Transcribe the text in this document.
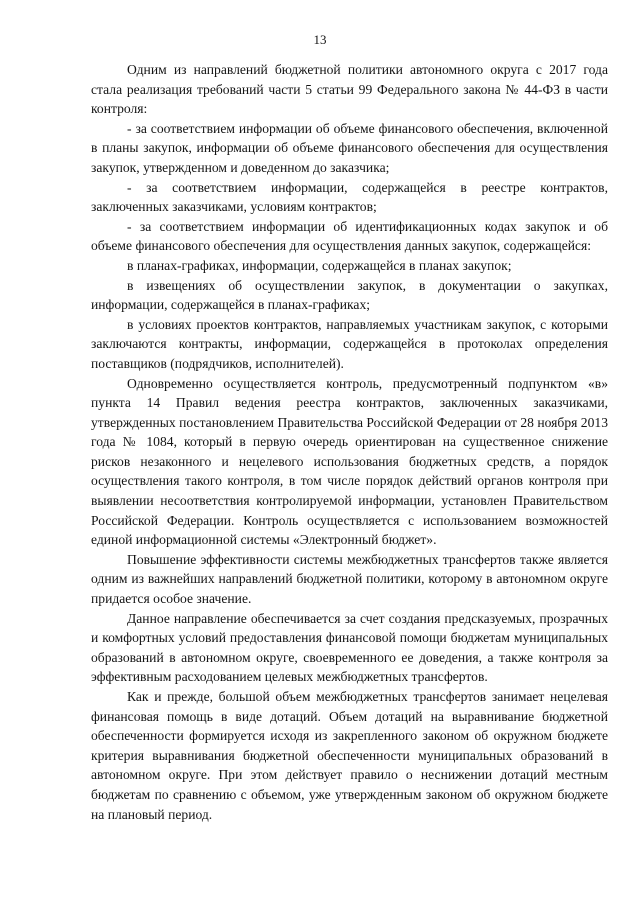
13

Одним из направлений бюджетной политики автономного округа с 2017 года стала реализация требований части 5 статьи 99 Федерального закона № 44-ФЗ в части контроля:

- за соответствием информации об объеме финансового обеспечения, включенной в планы закупок, информации об объеме финансового обеспечения для осуществления закупок, утвержденном и доведенном до заказчика;

- за соответствием информации, содержащейся в реестре контрактов, заключенных заказчиками, условиям контрактов;

- за соответствием информации об идентификационных кодах закупок и об объеме финансового обеспечения для осуществления данных закупок, содержащейся:

в планах-графиках, информации, содержащейся в планах закупок;

в извещениях об осуществлении закупок, в документации о закупках, информации, содержащейся в планах-графиках;

в условиях проектов контрактов, направляемых участникам закупок, с которыми заключаются контракты, информации, содержащейся в протоколах определения поставщиков (подрядчиков, исполнителей).

Одновременно осуществляется контроль, предусмотренный подпунктом «в» пункта 14 Правил ведения реестра контрактов, заключенных заказчиками, утвержденных постановлением Правительства Российской Федерации от 28 ноября 2013 года № 1084, который в первую очередь ориентирован на существенное снижение рисков незаконного и нецелевого использования бюджетных средств, а порядок осуществления такого контроля, в том числе порядок действий органов контроля при выявлении несоответствия контролируемой информации, установлен Правительством Российской Федерации. Контроль осуществляется с использованием возможностей единой информационной системы «Электронный бюджет».

Повышение эффективности системы межбюджетных трансфертов также является одним из важнейших направлений бюджетной политики, которому в автономном округе придается особое значение.

Данное направление обеспечивается за счет создания предсказуемых, прозрачных и комфортных условий предоставления финансовой помощи бюджетам муниципальных образований в автономном округе, своевременного ее доведения, а также контроля за эффективным расходованием целевых межбюджетных трансфертов.

Как и прежде, большой объем межбюджетных трансфертов занимает нецелевая финансовая помощь в виде дотаций. Объем дотаций на выравнивание бюджетной обеспеченности формируется исходя из закрепленного законом об окружном бюджете критерия выравнивания бюджетной обеспеченности муниципальных образований в автономном округе. При этом действует правило о неснижении дотаций местным бюджетам по сравнению с объемом, уже утвержденным законом об окружном бюджете на плановый период.
